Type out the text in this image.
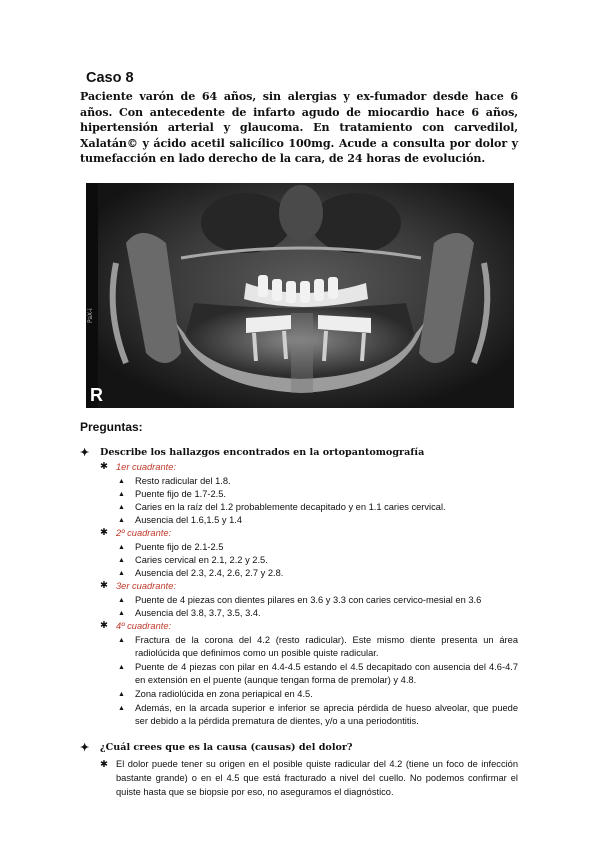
Caso 8
Paciente varón de 64 años, sin alergias y ex-fumador desde hace 6 años. Con antecedente de infarto agudo de miocardio hace 6 años, hipertensión arterial y glaucoma. En tratamiento con carvedilol, Xalatán© y ácido acetil salicílico 100mg. Acude a consulta por dolor y tumefacción en lado derecho de la cara, de 24 horas de evolución.
PaX-i
R
Preguntas:
✦ Describe los hallazgos encontrados en la ortopantomografía
✱ 1er cuadrante:
▲ Resto radicular del 1.8.
▲ Puente fijo de 1.7-2.5.
▲ Caries en la raíz del 1.2 probablemente decapitado y en 1.1 caries cervical.
▲ Ausencia del 1.6,1.5 y 1.4
✱ 2º cuadrante:
▲ Puente fijo de 2.1-2.5
▲ Caries cervical en 2.1, 2.2 y 2.5.
▲ Ausencia del 2.3, 2.4, 2.6, 2.7 y 2.8.
✱ 3er cuadrante:
▲ Puente de 4 piezas con dientes pilares en 3.6 y 3.3 con caries cervico-mesial en 3.6
▲ Ausencia del 3.8, 3.7, 3.5, 3.4.
✱ 4º cuadrante:
▲ Fractura de la corona del 4.2 (resto radicular). Este mismo diente presenta un área radiolúcida que definimos como un posible quiste radicular.
▲ Puente de 4 piezas con pilar en 4.4-4.5 estando el 4.5 decapitado con ausencia del 4.6-4.7 en extensión en el puente (aunque tengan forma de premolar) y 4.8.
▲ Zona radiolúcida en zona periapical en 4.5.
▲ Además, en la arcada superior e inferior se aprecia pérdida de hueso alveolar, que puede ser debido a la pérdida prematura de dientes, y/o a una periodontitis.
✦ ¿Cuál crees que es la causa (causas) del dolor?
✱ El dolor puede tener su origen en el posible quiste radicular del 4.2 (tiene un foco de infección bastante grande) o en el 4.5 que está fracturado a nivel del cuello. No podemos confirmar el quiste hasta que se biopsie por eso, no aseguramos el diagnóstico.
